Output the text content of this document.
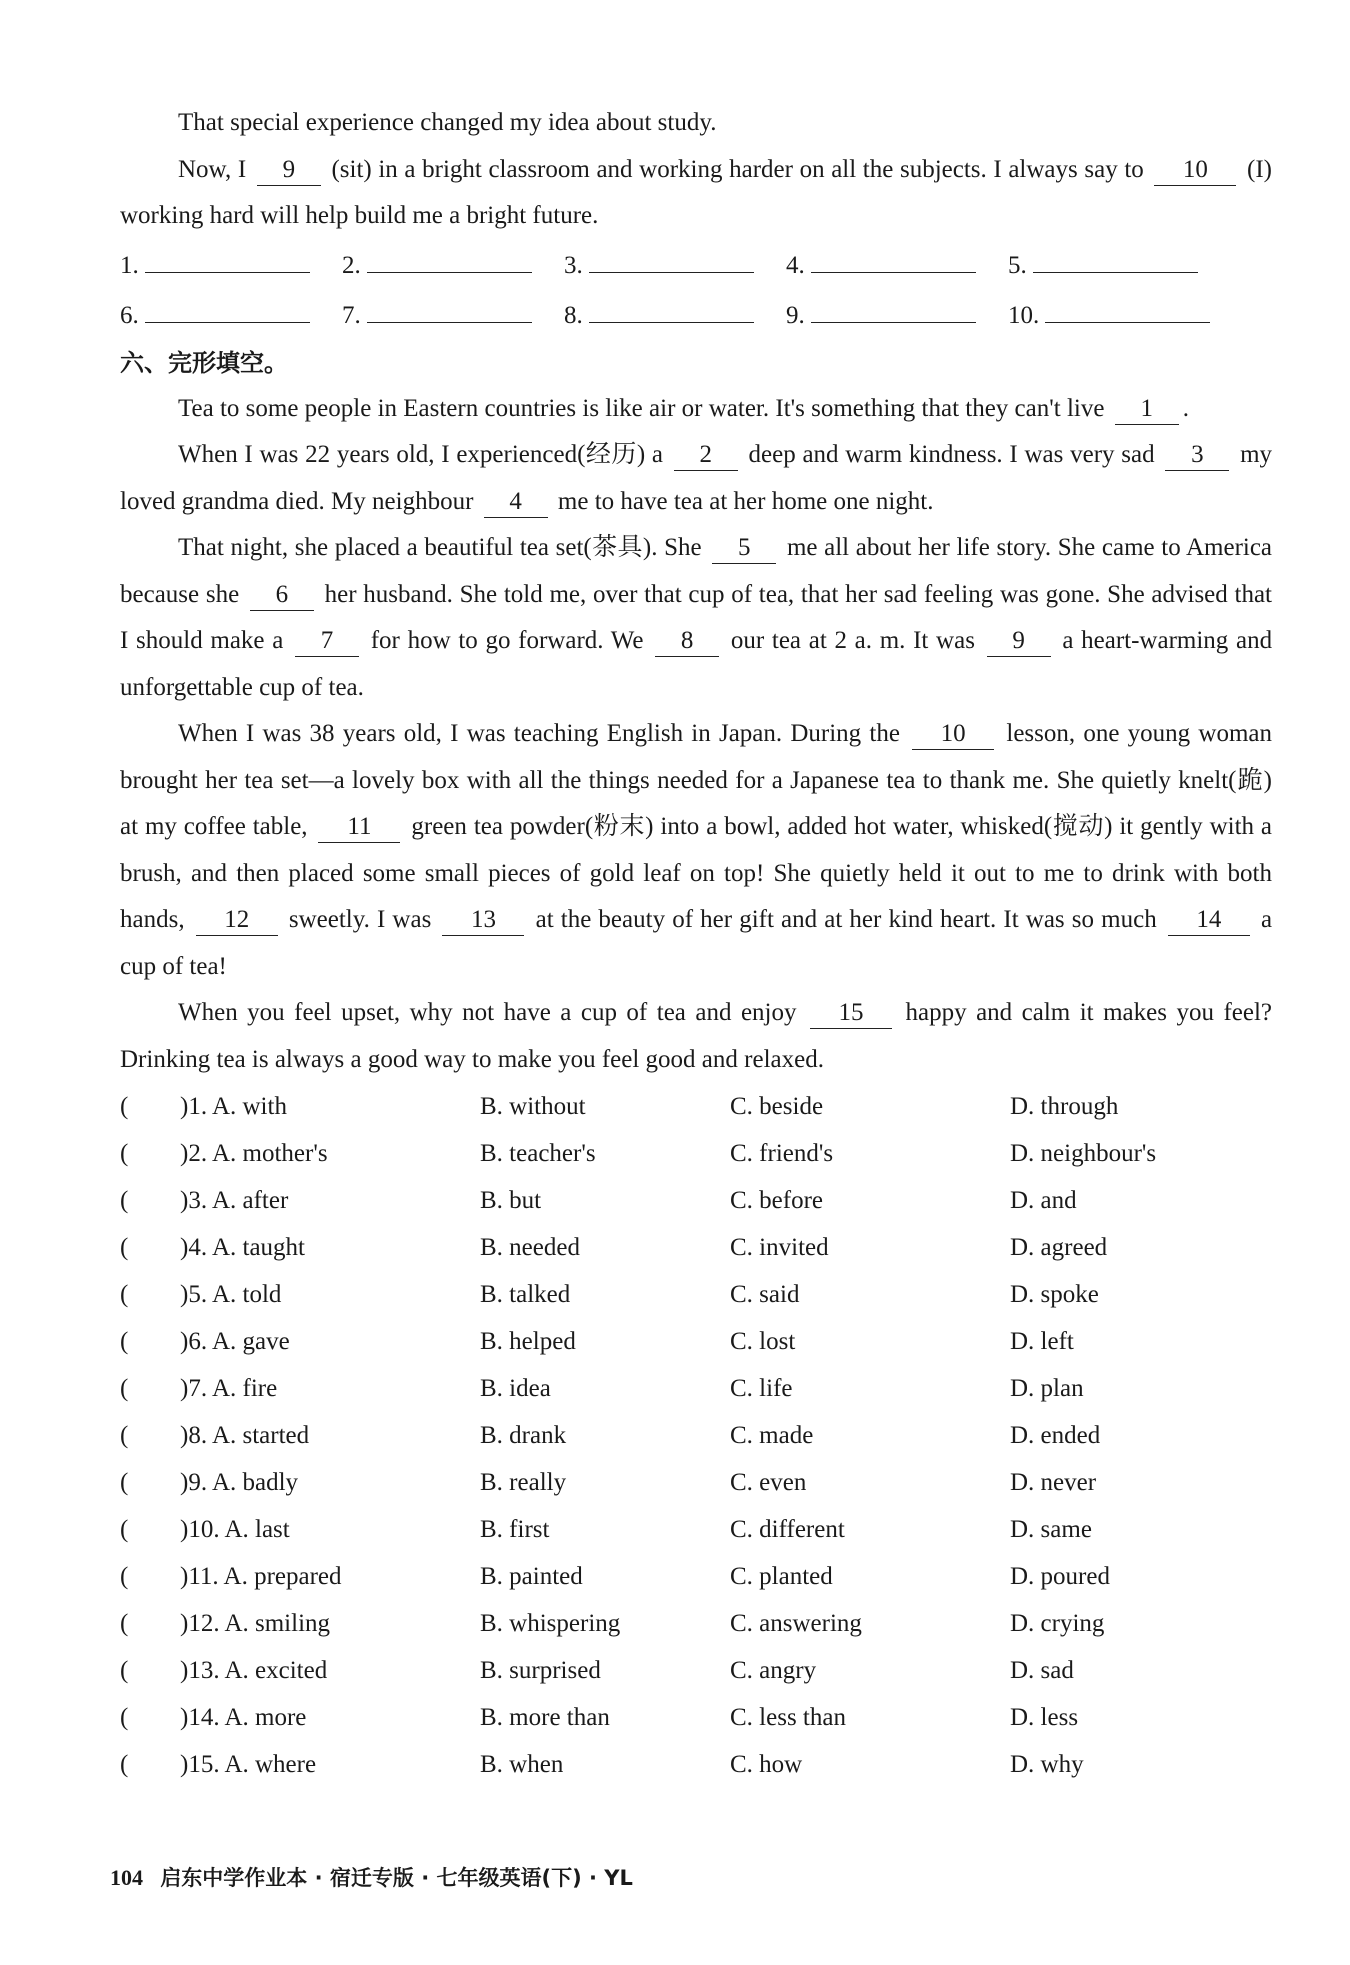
That special experience changed my idea about study.

Now, I 9 (sit) in a bright classroom and working harder on all the subjects. I always say to 10 (I) working hard will help build me a bright future.

1.	2.	3.	4.	5.
6.	7.	8.	9.	10.

六、完形填空。

Tea to some people in Eastern countries is like air or water. It's something that they can't live 1 .

When I was 22 years old, I experienced(经历) a 2 deep and warm kindness. I was very sad 3 my loved grandma died. My neighbour 4 me to have tea at her home one night.

That night, she placed a beautiful tea set(茶具). She 5 me all about her life story. She came to America because she 6 her husband. She told me, over that cup of tea, that her sad feeling was gone. She advised that I should make a 7 for how to go forward. We 8 our tea at 2 a. m. It was 9 a heart-warming and unforgettable cup of tea.

When I was 38 years old, I was teaching English in Japan. During the 10 lesson, one young woman brought her tea set—a lovely box with all the things needed for a Japanese tea to thank me. She quietly knelt(跪) at my coffee table, 11 green tea powder(粉末) into a bowl, added hot water, whisked(搅动) it gently with a brush, and then placed some small pieces of gold leaf on top! She quietly held it out to me to drink with both hands, 12 sweetly. I was 13 at the beauty of her gift and at her kind heart. It was so much 14 a cup of tea!

When you feel upset, why not have a cup of tea and enjoy 15 happy and calm it makes you feel? Drinking tea is always a good way to make you feel good and relaxed.

(	)1. A. with	B. without	C. beside	D. through
(	)2. A. mother's	B. teacher's	C. friend's	D. neighbour's
(	)3. A. after	B. but	C. before	D. and
(	)4. A. taught	B. needed	C. invited	D. agreed
(	)5. A. told	B. talked	C. said	D. spoke
(	)6. A. gave	B. helped	C. lost	D. left
(	)7. A. fire	B. idea	C. life	D. plan
(	)8. A. started	B. drank	C. made	D. ended
(	)9. A. badly	B. really	C. even	D. never
(	)10. A. last	B. first	C. different	D. same
(	)11. A. prepared	B. painted	C. planted	D. poured
(	)12. A. smiling	B. whispering	C. answering	D. crying
(	)13. A. excited	B. surprised	C. angry	D. sad
(	)14. A. more	B. more than	C. less than	D. less
(	)15. A. where	B. when	C. how	D. why
104 启东中学作业本 · 宿迁专版 · 七年级英语(下) · YL
